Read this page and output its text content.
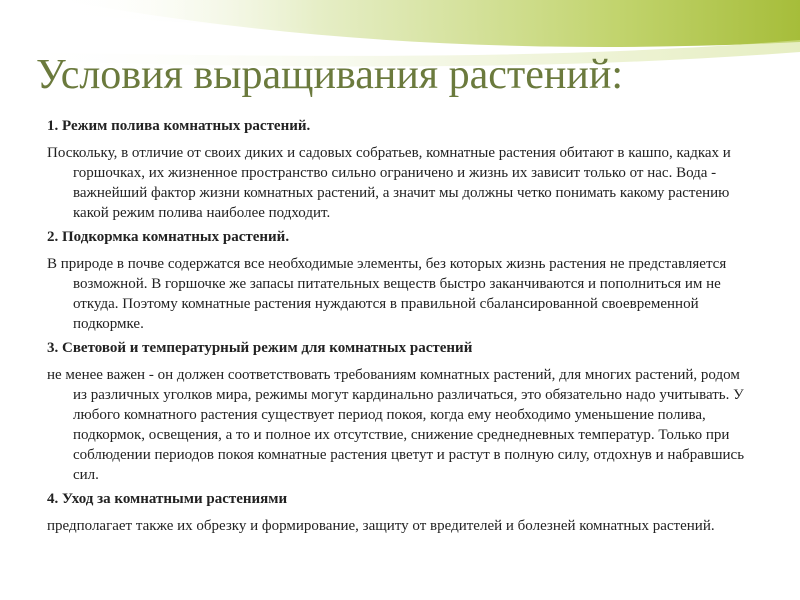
Условия выращивания растений:
1. Режим полива комнатных растений.
Поскольку, в отличие от своих диких и садовых собратьев, комнатные растения обитают в кашпо, кадках и горшочках, их жизненное пространство сильно ограничено и жизнь их зависит только от нас. Вода - важнейший фактор жизни комнатных растений, а значит мы должны четко понимать какому растению какой режим полива наиболее подходит.
2. Подкормка комнатных растений.
В природе в почве содержатся все необходимые элементы, без которых жизнь растения не представляется возможной. В горшочке же запасы питательных веществ быстро заканчиваются и пополниться им не откуда. Поэтому комнатные растения нуждаются в правильной сбалансированной своевременной подкормке.
3. Световой и температурный режим для комнатных растений
не менее важен - он должен соответствовать требованиям комнатных растений, для многих растений, родом из различных уголков мира, режимы могут кардинально различаться, это обязательно надо учитывать. У любого комнатного растения существует период покоя, когда ему необходимо уменьшение полива, подкормок, освещения, а то и полное их отсутствие, снижение среднедневных температур. Только при соблюдении периодов покоя комнатные растения цветут и растут в полную силу, отдохнув и набравшись сил.
4. Уход за комнатными растениями
предполагает также их обрезку и формирование, защиту от вредителей и болезней комнатных растений.
